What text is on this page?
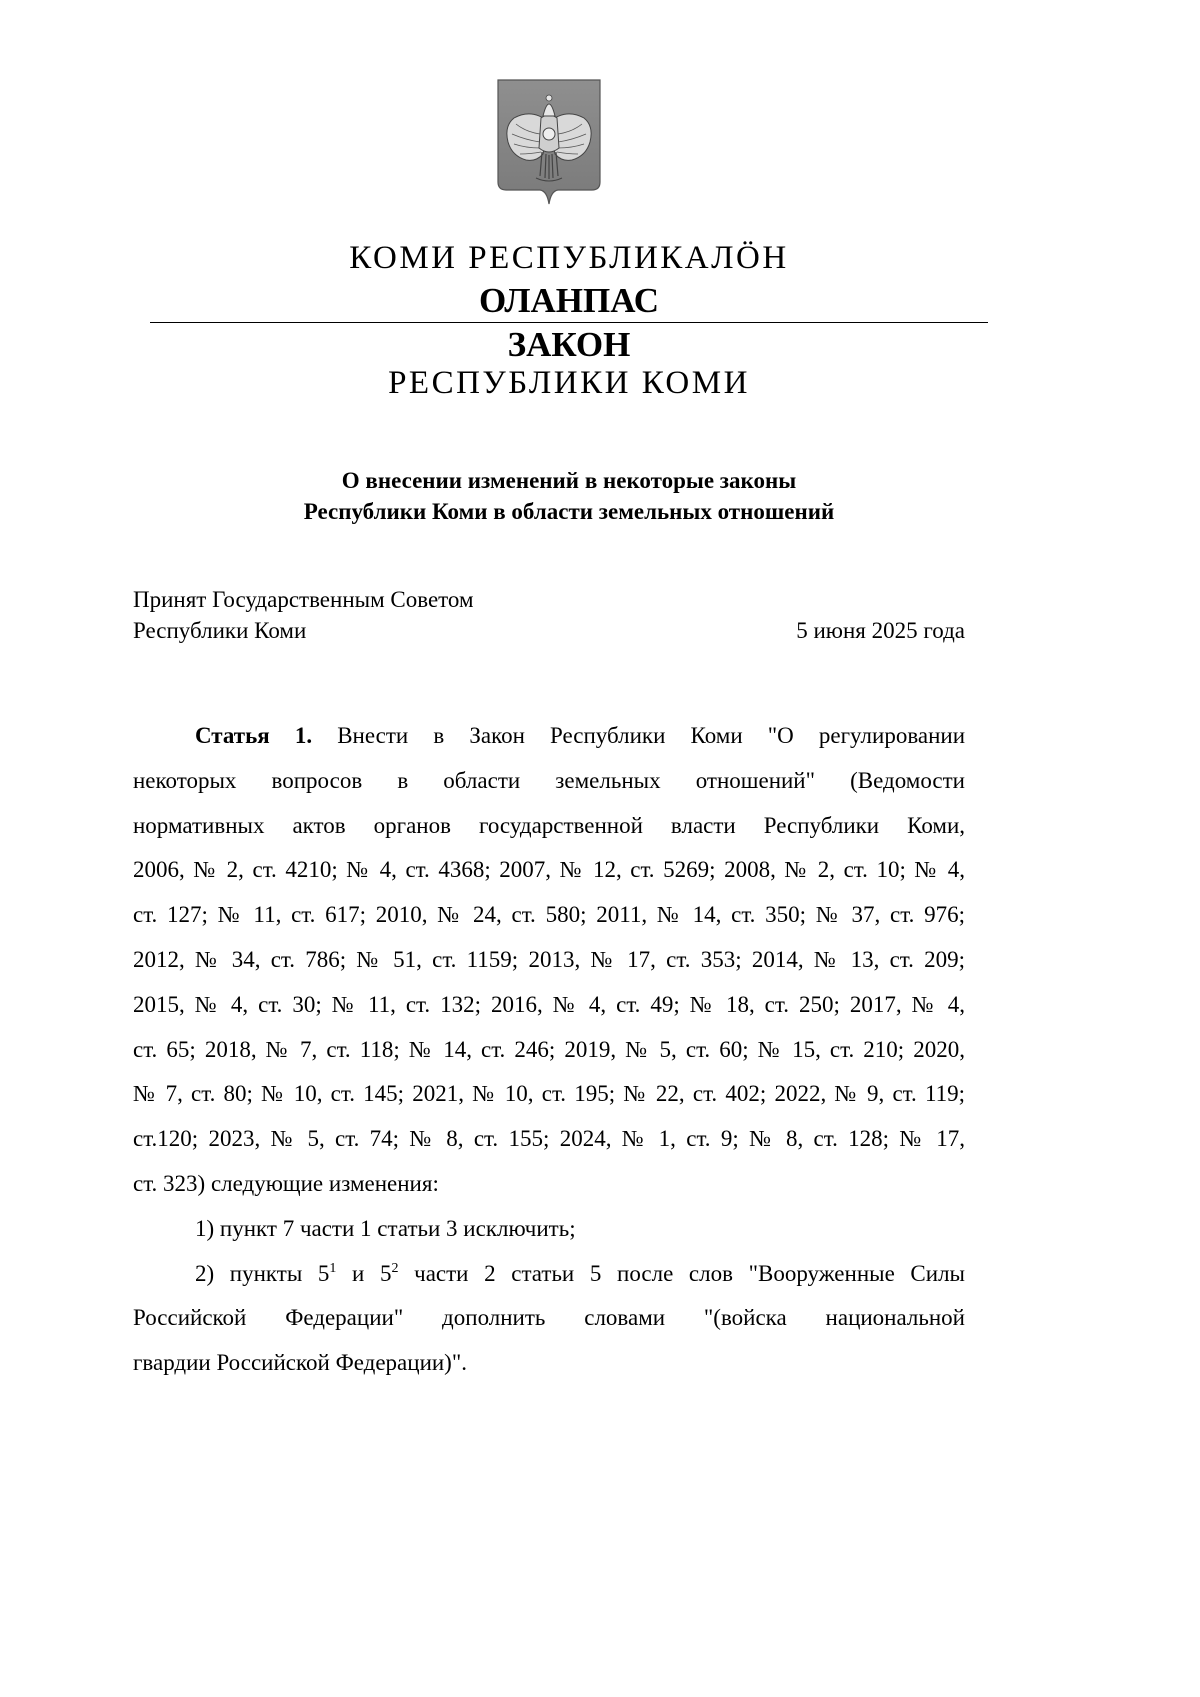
КОМИ РЕСПУБЛИКАЛӦН
ОЛАНПАС
ЗАКОН
РЕСПУБЛИКИ КОМИ
О внесении изменений в некоторые законы
Республики Коми в области земельных отношений
Принят Государственным Советом
Республики Коми	5 июня 2025 года
Статья 1. Внести в Закон Республики Коми "О регулировании
некоторых вопросов в области земельных отношений" (Ведомости
нормативных актов органов государственной власти Республики Коми,
2006, № 2, ст. 4210; № 4, ст. 4368; 2007, № 12, ст. 5269; 2008, № 2, ст. 10; № 4,
ст. 127; № 11, ст. 617; 2010, № 24, ст. 580; 2011, № 14, ст. 350; № 37, ст. 976;
2012, № 34, ст. 786; № 51, ст. 1159; 2013, № 17, ст. 353; 2014, № 13, ст. 209;
2015, № 4, ст. 30; № 11, ст. 132; 2016, № 4, ст. 49; № 18, ст. 250; 2017, № 4,
ст. 65; 2018, № 7, ст. 118; № 14, ст. 246; 2019, № 5, ст. 60; № 15, ст. 210; 2020,
№ 7, ст. 80; № 10, ст. 145; 2021, № 10, ст. 195; № 22, ст. 402; 2022, № 9, ст. 119;
ст.120; 2023, № 5, ст. 74; № 8, ст. 155; 2024, № 1, ст. 9; № 8, ст. 128; № 17,
ст. 323) следующие изменения:
1) пункт 7 части 1 статьи 3 исключить;
2) пункты $5^1$ и $5^2$ части 2 статьи 5 после слов "Вооруженные Силы
Российской Федерации" дополнить словами "(войска национальной
гвардии Российской Федерации)".
